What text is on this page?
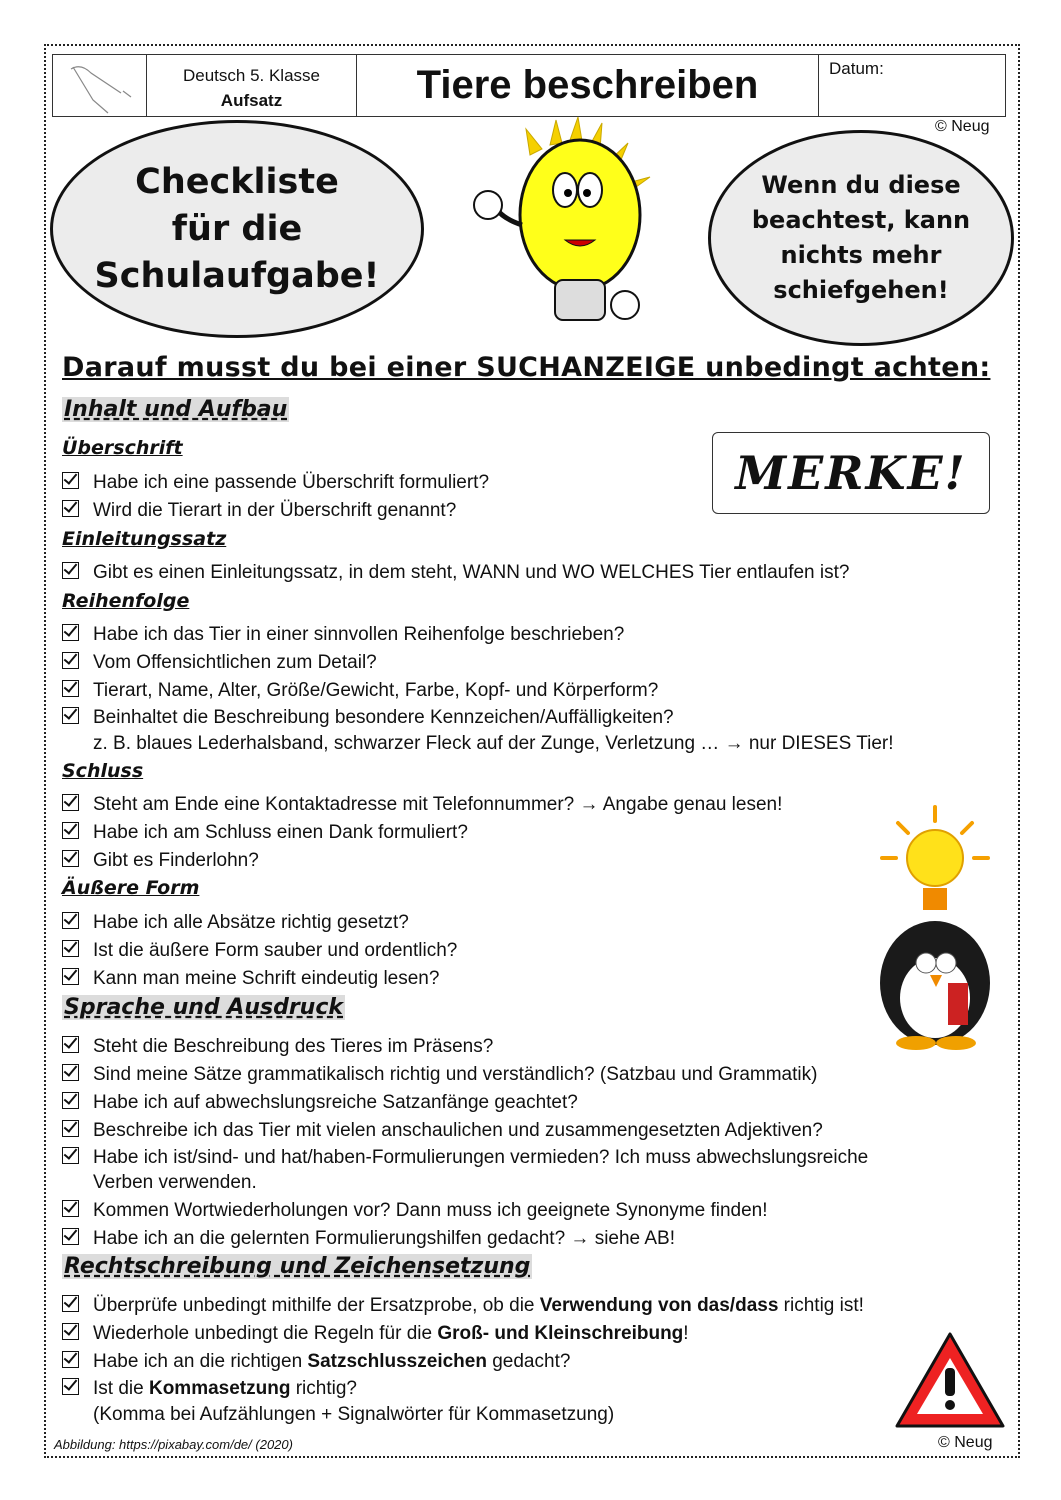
Deutsch 5. Klasse
Aufsatz	Tiere beschreiben	Datum:
© Neug
Checkliste
für die
Schulaufgabe!
Wenn du diese
beachtest, kann
nichts mehr
schiefgehen!
MERKE!
Darauf musst du bei einer SUCHANZEIGE unbedingt achten:
Inhalt und Aufbau
Überschrift
Habe ich eine passende Überschrift formuliert?
Wird die Tierart in der Überschrift genannt?
Einleitungssatz
Gibt es einen Einleitungssatz, in dem steht, WANN und WO WELCHES Tier entlaufen ist?
Reihenfolge
Habe ich das Tier in einer sinnvollen Reihenfolge beschrieben?
Vom Offensichtlichen zum Detail?
Tierart, Name, Alter, Größe/Gewicht, Farbe, Kopf- und Körperform?
Beinhaltet die Beschreibung besondere Kennzeichen/Auffälligkeiten?
z. B. blaues Lederhalsband, schwarzer Fleck auf der Zunge, Verletzung … → nur DIESES Tier!
Schluss
Steht am Ende eine Kontaktadresse mit Telefonnummer? → Angabe genau lesen!
Habe ich am Schluss einen Dank formuliert?
Gibt es Finderlohn?
Äußere Form
Habe ich alle Absätze richtig gesetzt?
Ist die äußere Form sauber und ordentlich?
Kann man meine Schrift eindeutig lesen?
Sprache und Ausdruck
Steht die Beschreibung des Tieres im Präsens?
Sind meine Sätze grammatikalisch richtig und verständlich? (Satzbau und Grammatik)
Habe ich auf abwechslungsreiche Satzanfänge geachtet?
Beschreibe ich das Tier mit vielen anschaulichen und zusammengesetzten Adjektiven?
Habe ich ist/sind- und hat/haben-Formulierungen vermieden? Ich muss abwechslungsreiche
Verben verwenden.
Kommen Wortwiederholungen vor? Dann muss ich geeignete Synonyme finden!
Habe ich an die gelernten Formulierungshilfen gedacht? → siehe AB!
Rechtschreibung und Zeichensetzung
Überprüfe unbedingt mithilfe der Ersatzprobe, ob die Verwendung von das/dass richtig ist!
Wiederhole unbedingt die Regeln für die Groß- und Kleinschreibung!
Habe ich an die richtigen Satzschlusszeichen gedacht?
Ist die Kommasetzung richtig?
(Komma bei Aufzählungen + Signalwörter für Kommasetzung)
Abbildung: https://pixabay.com/de/ (2020)	© Neug
